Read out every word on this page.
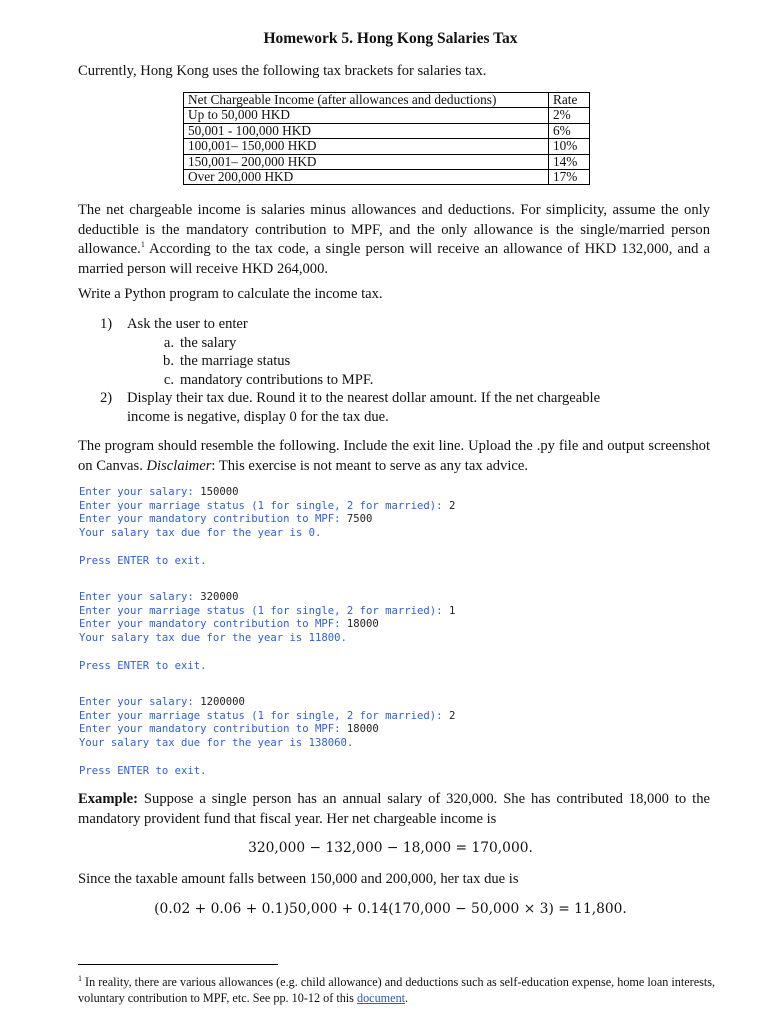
Homework 5. Hong Kong Salaries Tax
Currently, Hong Kong uses the following tax brackets for salaries tax.
Net Chargeable Income (after allowances and deductions)	Rate
Up to 50,000 HKD	2%
50,001 - 100,000 HKD	6%
100,001– 150,000 HKD	10%
150,001– 200,000 HKD	14%
Over 200,000 HKD	17%
The net chargeable income is salaries minus allowances and deductions. For simplicity, assume the only deductible is the mandatory contribution to MPF, and the only allowance is the single/married person allowance.$^1$ According to the tax code, a single person will receive an allowance of HKD 132,000, and a married person will receive HKD 264,000.
Write a Python program to calculate the income tax.
1) Ask the user to enter
a. the salary
b. the marriage status
c. mandatory contributions to MPF.
2) Display their tax due. Round it to the nearest dollar amount. If the net chargeable
income is negative, display 0 for the tax due.
The program should resemble the following. Include the exit line. Upload the .py file and output screenshot on Canvas. Disclaimer: This exercise is not meant to serve as any tax advice.
Enter your salary: 150000
Enter your marriage status (1 for single, 2 for married): 2
Enter your mandatory contribution to MPF: 7500
Your salary tax due for the year is 0.

Press ENTER to exit.
Enter your salary: 320000
Enter your marriage status (1 for single, 2 for married): 1
Enter your mandatory contribution to MPF: 18000
Your salary tax due for the year is 11800.

Press ENTER to exit.
Enter your salary: 1200000
Enter your marriage status (1 for single, 2 for married): 2
Enter your mandatory contribution to MPF: 18000
Your salary tax due for the year is 138060.

Press ENTER to exit.
Example: Suppose a single person has an annual salary of 320,000. She has contributed 18,000 to the mandatory provident fund that fiscal year. Her net chargeable income is
320,000 − 132,000 − 18,000 = 170,000.
Since the taxable amount falls between 150,000 and 200,000, her tax due is
(0.02 + 0.06 + 0.1)50,000 + 0.14(170,000 − 50,000 × 3) = 11,800.
$^1$ In reality, there are various allowances (e.g. child allowance) and deductions such as self-education expense, home loan interests, voluntary contribution to MPF, etc. See pp. 10-12 of this document.
